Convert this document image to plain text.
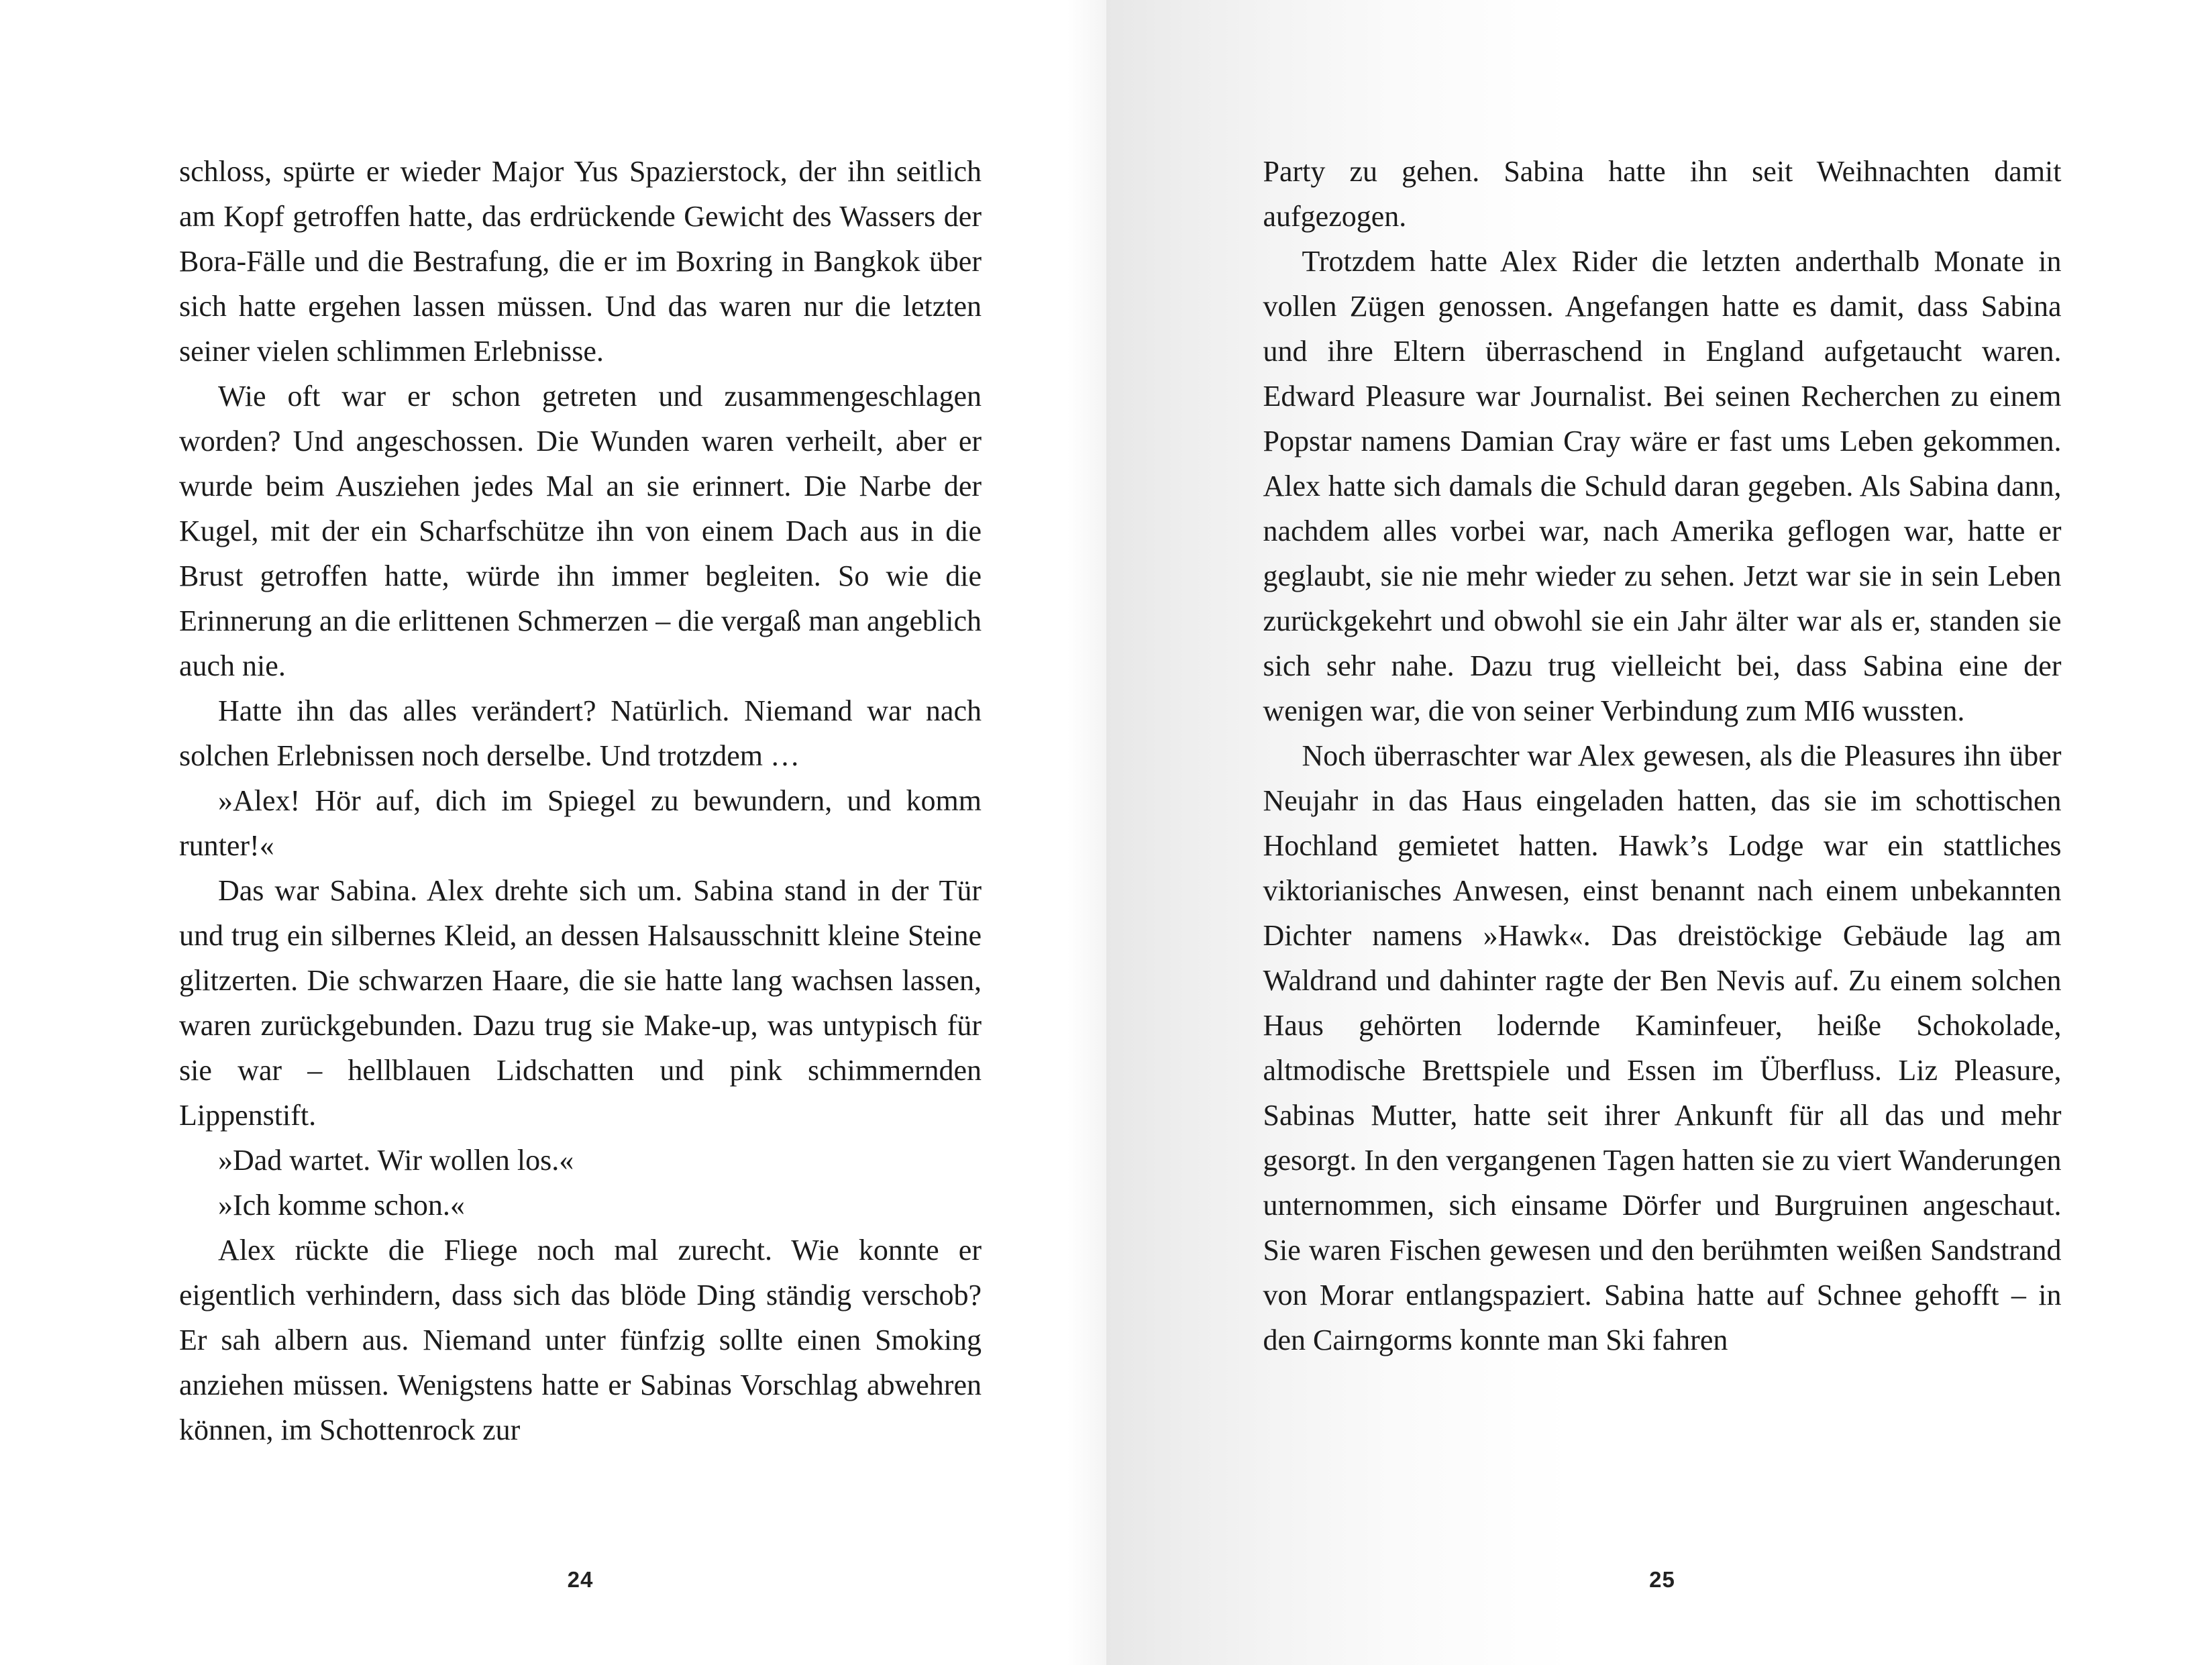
schloss, spürte er wieder Major Yus Spazierstock, der ihn seitlich am Kopf getroffen hatte, das erdrückende Gewicht des Wassers der Bora-Fälle und die Bestrafung, die er im Boxring in Bangkok über sich hatte ergehen lassen müssen. Und das waren nur die letzten seiner vielen schlimmen Erlebnisse.

Wie oft war er schon getreten und zusammengeschlagen worden? Und angeschossen. Die Wunden waren verheilt, aber er wurde beim Ausziehen jedes Mal an sie erinnert. Die Narbe der Kugel, mit der ein Scharfschütze ihn von einem Dach aus in die Brust getroffen hatte, würde ihn immer begleiten. So wie die Erinnerung an die erlittenen Schmerzen – die vergaß man angeblich auch nie.

Hatte ihn das alles verändert? Natürlich. Niemand war nach solchen Erlebnissen noch derselbe. Und trotzdem …

»Alex! Hör auf, dich im Spiegel zu bewundern, und komm runter!«

Das war Sabina. Alex drehte sich um. Sabina stand in der Tür und trug ein silbernes Kleid, an dessen Halsausschnitt kleine Steine glitzerten. Die schwarzen Haare, die sie hatte lang wachsen lassen, waren zurückgebunden. Dazu trug sie Make-up, was untypisch für sie war – hellblauen Lidschatten und pink schimmernden Lippenstift.

»Dad wartet. Wir wollen los.«

»Ich komme schon.«

Alex rückte die Fliege noch mal zurecht. Wie konnte er eigentlich verhindern, dass sich das blöde Ding ständig verschob? Er sah albern aus. Niemand unter fünfzig sollte einen Smoking anziehen müssen. Wenigstens hatte er Sabinas Vorschlag abwehren können, im Schottenrock zur

24

Party zu gehen. Sabina hatte ihn seit Weihnachten damit aufgezogen.

Trotzdem hatte Alex Rider die letzten anderthalb Monate in vollen Zügen genossen. Angefangen hatte es damit, dass Sabina und ihre Eltern überraschend in England aufgetaucht waren. Edward Pleasure war Journalist. Bei seinen Recherchen zu einem Popstar namens Damian Cray wäre er fast ums Leben gekommen. Alex hatte sich damals die Schuld daran gegeben. Als Sabina dann, nachdem alles vorbei war, nach Amerika geflogen war, hatte er geglaubt, sie nie mehr wieder zu sehen. Jetzt war sie in sein Leben zurückgekehrt und obwohl sie ein Jahr älter war als er, standen sie sich sehr nahe. Dazu trug vielleicht bei, dass Sabina eine der wenigen war, die von seiner Verbindung zum MI6 wussten.

Noch überraschter war Alex gewesen, als die Pleasures ihn über Neujahr in das Haus eingeladen hatten, das sie im schottischen Hochland gemietet hatten. Hawk’s Lodge war ein stattliches viktorianisches Anwesen, einst benannt nach einem unbekannten Dichter namens »Hawk«. Das dreistöckige Gebäude lag am Waldrand und dahinter ragte der Ben Nevis auf. Zu einem solchen Haus gehörten lodernde Kaminfeuer, heiße Schokolade, altmodische Brettspiele und Essen im Überfluss. Liz Pleasure, Sabinas Mutter, hatte seit ihrer Ankunft für all das und mehr gesorgt. In den vergangenen Tagen hatten sie zu viert Wanderungen unternommen, sich einsame Dörfer und Burgruinen angeschaut. Sie waren Fischen gewesen und den berühmten weißen Sandstrand von Morar entlangspaziert. Sabina hatte auf Schnee gehofft – in den Cairngorms konnte man Ski fahren

25
